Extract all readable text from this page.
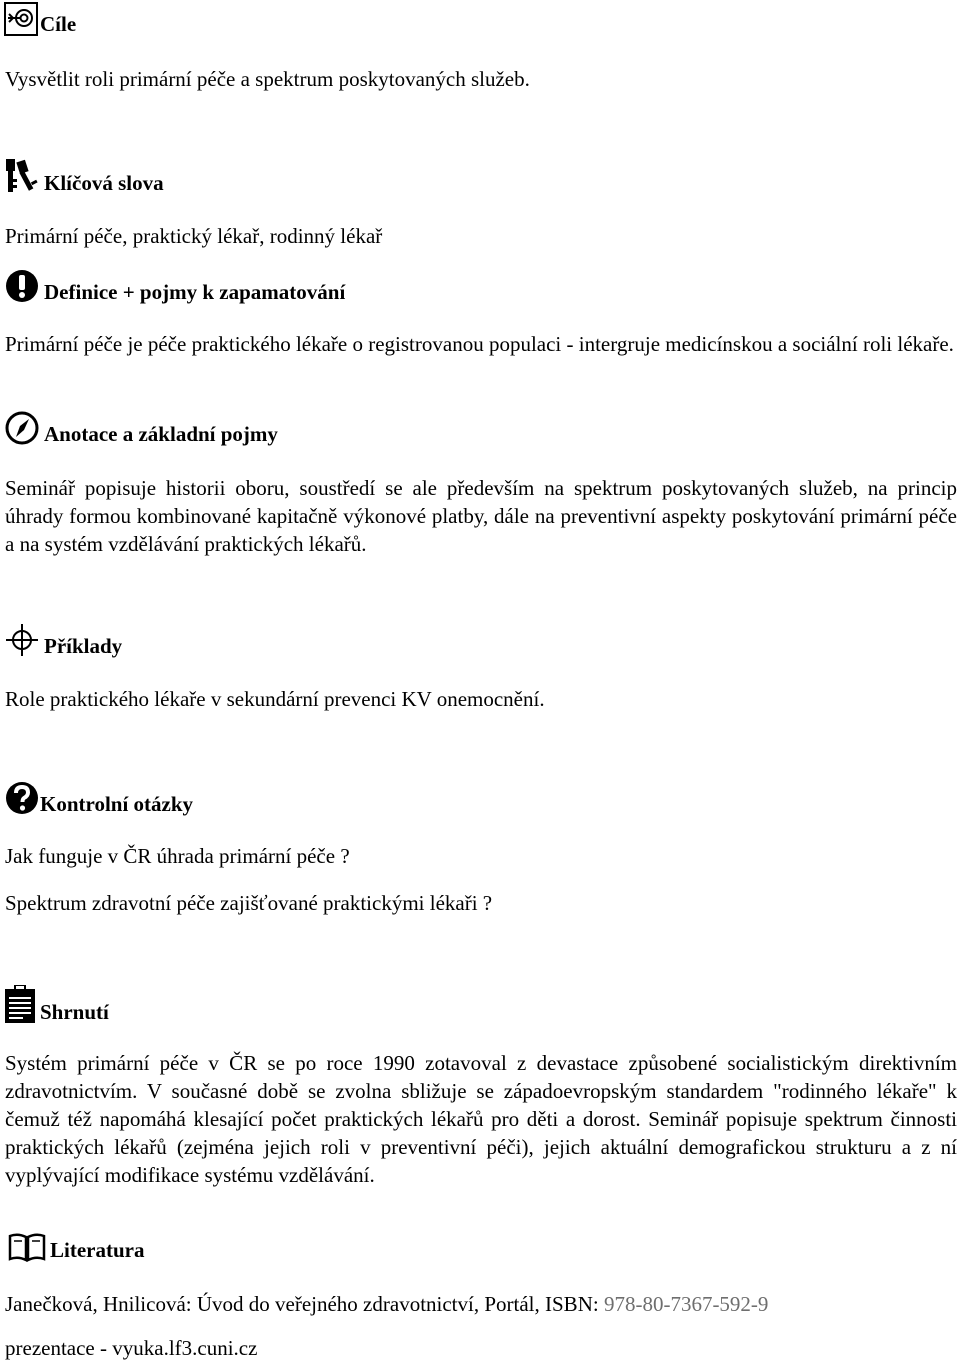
Cíle

Vysvětlit roli primární péče a spektrum poskytovaných služeb.

Klíčová slova

Primární péče, praktický lékař, rodinný lékař

Definice + pojmy k zapamatování

Primární péče je péče praktického lékaře o registrovanou populaci - intergruje medicínskou a sociální roli lékaře.

Anotace a základní pojmy

Seminář popisuje historii oboru, soustředí se ale především na spektrum poskytovaných služeb, na princip úhrady formou kombinované kapitačně výkonové platby, dále na preventivní aspekty poskytování primární péče a na systém vzdělávání praktických lékařů.

Příklady

Role praktického lékaře v sekundární prevenci KV onemocnění.

Kontrolní otázky

Jak funguje v ČR úhrada primární péče ?

Spektrum zdravotní péče zajišťované praktickými lékaři ?

Shrnutí

Systém primární péče v ČR se po roce 1990 zotavoval z devastace způsobené socialistickým direktivním zdravotnictvím. V současné době se zvolna sbližuje se západoevropským standardem "rodinného lékaře" k čemuž též napomáhá klesající počet praktických lékařů pro děti a dorost. Seminář popisuje spektrum činnosti praktických lékařů (zejména jejich roli v preventivní péči), jejich aktuální demografickou strukturu a z ní vyplývající modifikace systému vzdělávání.

Literatura

Janečková, Hnilicová: Úvod do veřejného zdravotnictví, Portál, ISBN: 978-80-7367-592-9

prezentace - vyuka.lf3.cuni.cz
